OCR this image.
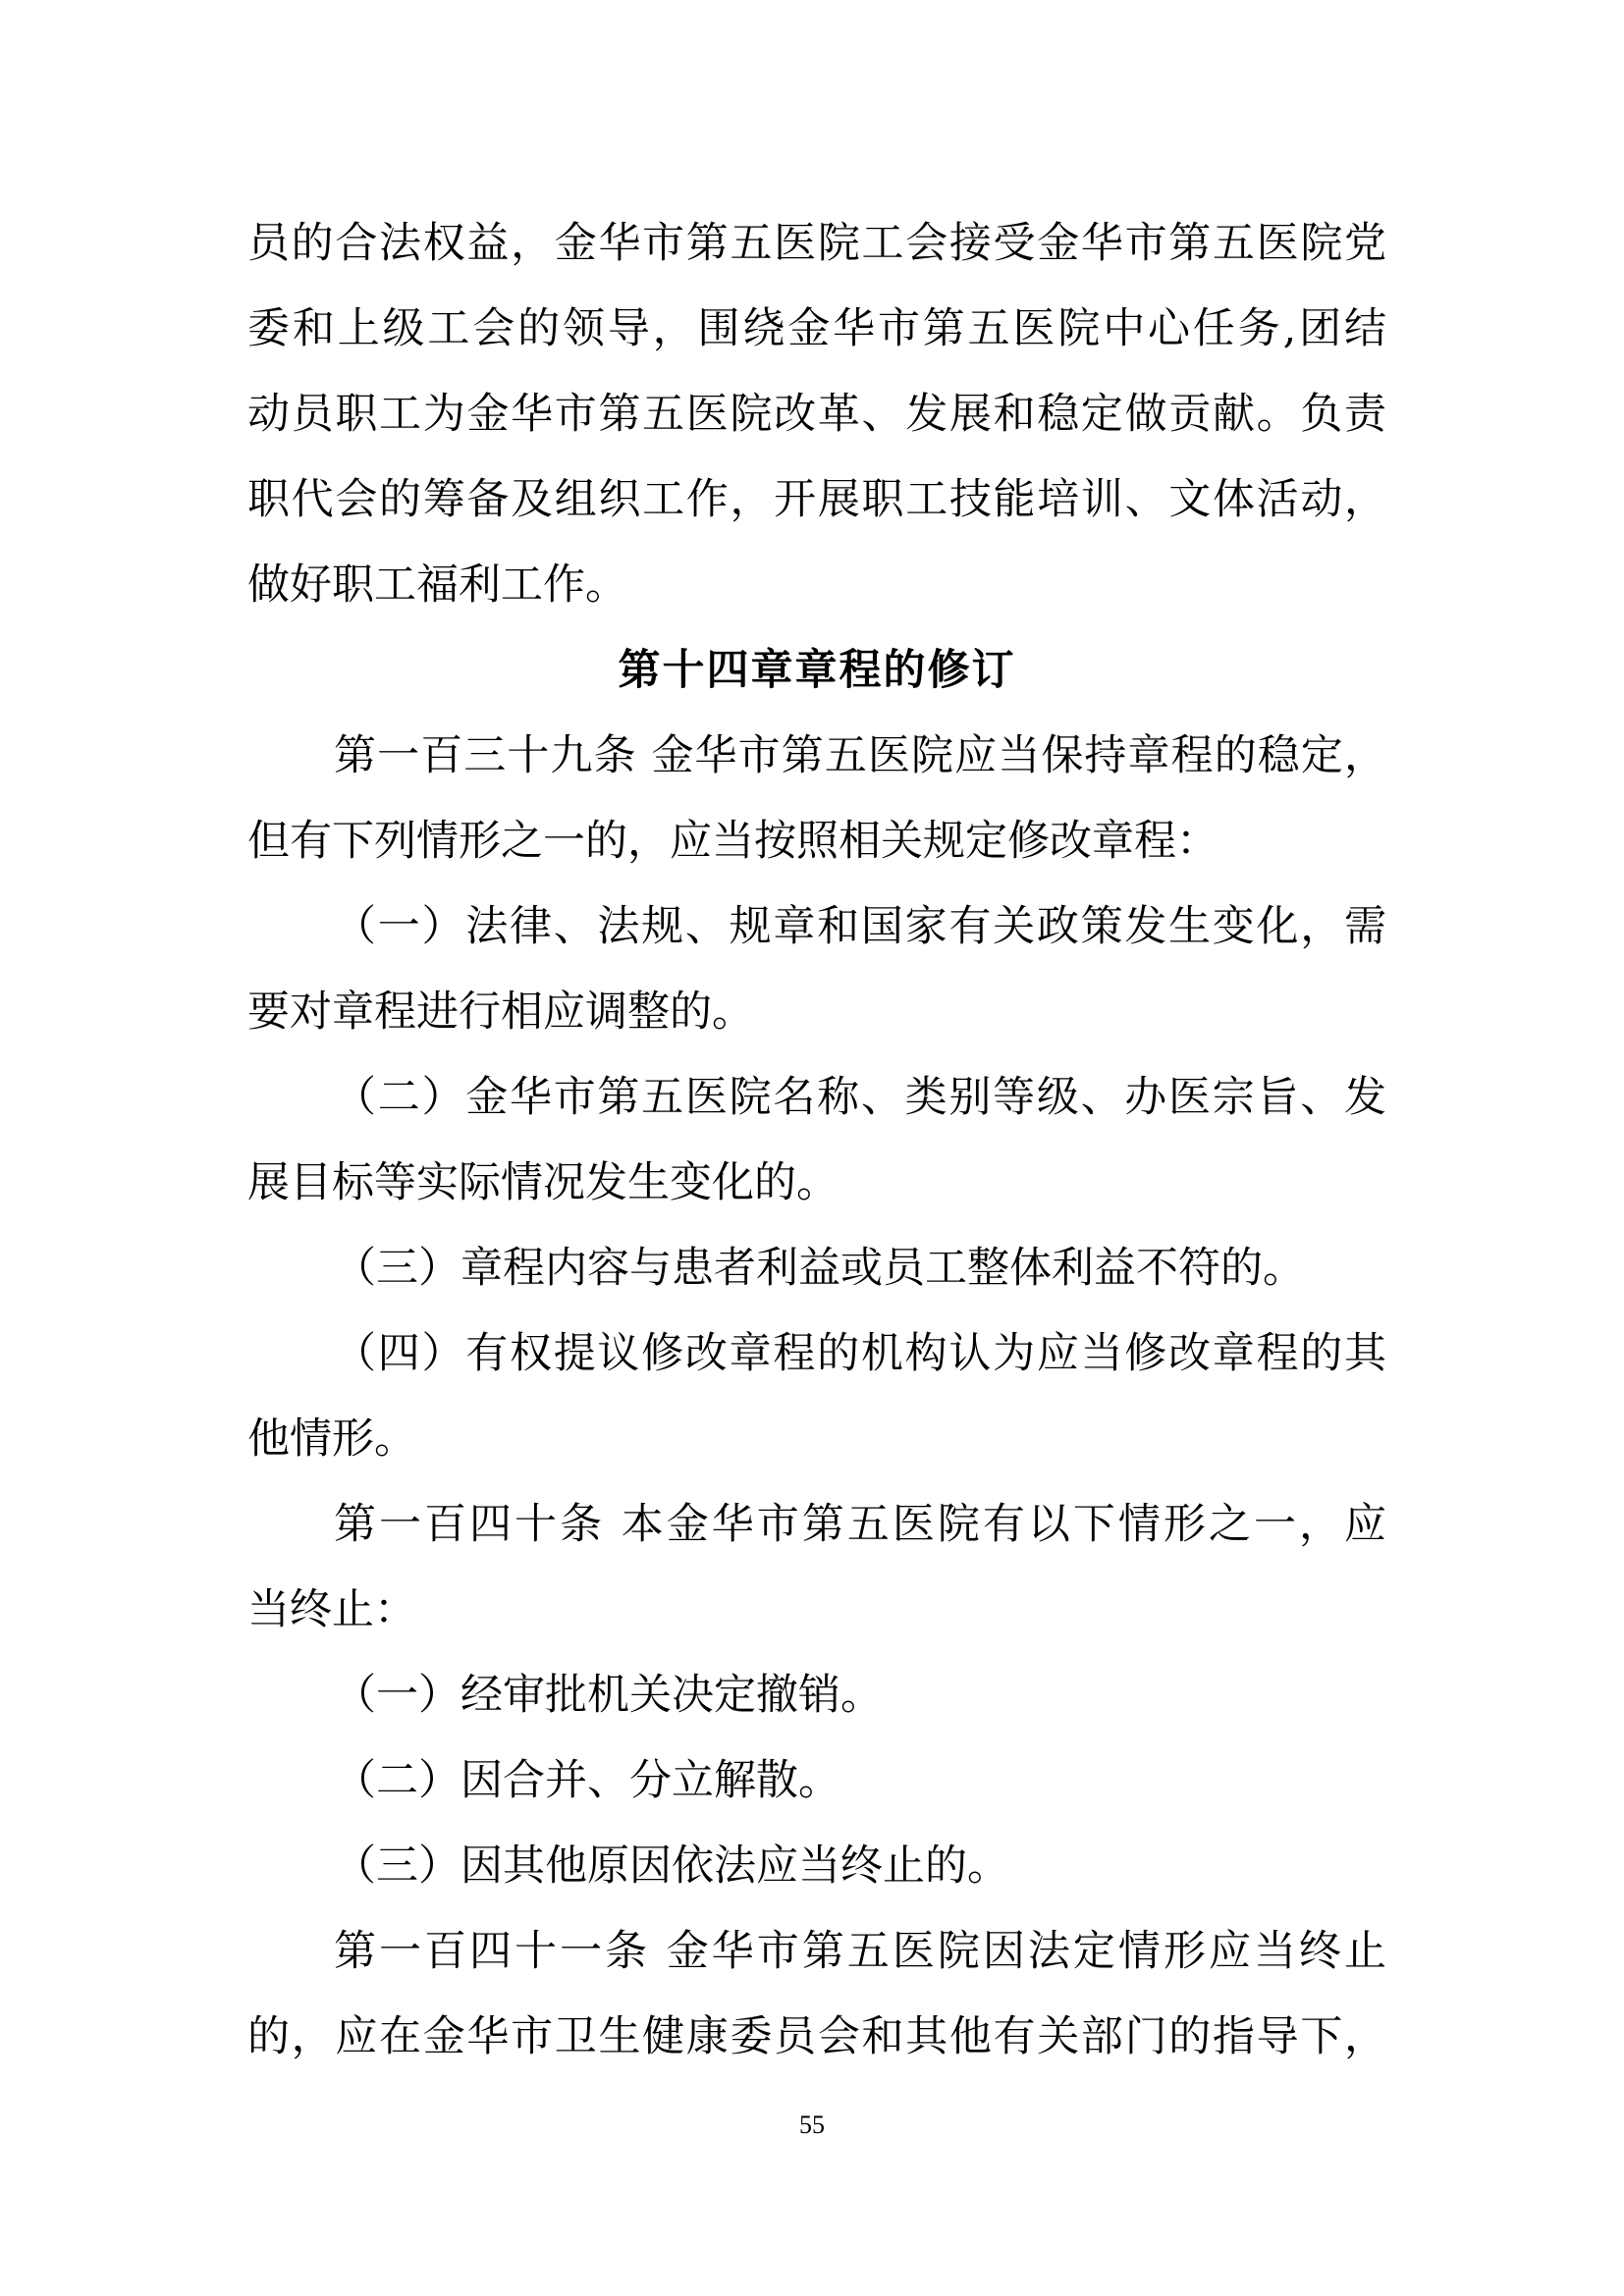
员的合法权益，金华市第五医院工会接受金华市第五医院党
委和上级工会的领导，围绕金华市第五医院中心任务,团结
动员职工为金华市第五医院改革、发展和稳定做贡献。负责
职代会的筹备及组织工作，开展职工技能培训、文体活动，
做好职工福利工作。
第十四章章程的修订
第一百三十九条 金华市第五医院应当保持章程的稳定，
但有下列情形之一的，应当按照相关规定修改章程：
（一）法律、法规、规章和国家有关政策发生变化，需
要对章程进行相应调整的。
（二）金华市第五医院名称、类别等级、办医宗旨、发
展目标等实际情况发生变化的。
（三）章程内容与患者利益或员工整体利益不符的。
（四）有权提议修改章程的机构认为应当修改章程的其
他情形。
第一百四十条 本金华市第五医院有以下情形之一，应
当终止：
（一）经审批机关决定撤销。
（二）因合并、分立解散。
（三）因其他原因依法应当终止的。
第一百四十一条 金华市第五医院因法定情形应当终止
的，应在金华市卫生健康委员会和其他有关部门的指导下，
55
